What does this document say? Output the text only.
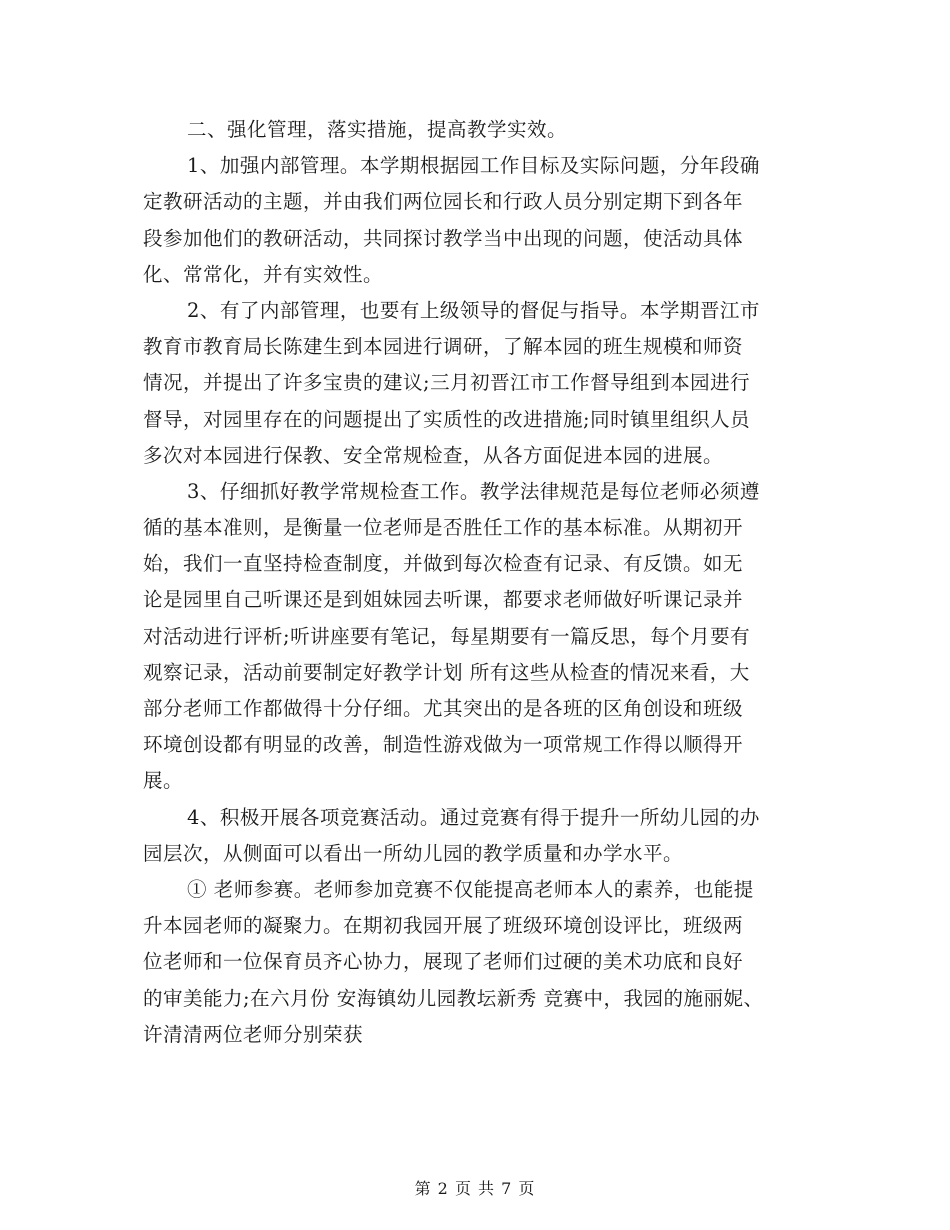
二、强化管理，落实措施，提高教学实效。
1、加强内部管理。本学期根据园工作目标及实际问题，分年段确
定教研活动的主题，并由我们两位园长和行政人员分别定期下到各年
段参加他们的教研活动，共同探讨教学当中出现的问题，使活动具体
化、常常化，并有实效性。
2、有了内部管理，也要有上级领导的督促与指导。本学期晋江市
教育市教育局长陈建生到本园进行调研，了解本园的班生规模和师资
情况，并提出了许多宝贵的建议;三月初晋江市工作督导组到本园进行
督导，对园里存在的问题提出了实质性的改进措施;同时镇里组织人员
多次对本园进行保教、安全常规检查，从各方面促进本园的进展。
3、仔细抓好教学常规检查工作。教学法律规范是每位老师必须遵
循的基本准则，是衡量一位老师是否胜任工作的基本标准。从期初开
始，我们一直坚持检查制度，并做到每次检查有记录、有反馈。如无
论是园里自己听课还是到姐妹园去听课，都要求老师做好听课记录并
对活动进行评析;听讲座要有笔记，每星期要有一篇反思，每个月要有
观察记录，活动前要制定好教学计划 所有这些从检查的情况来看，大
部分老师工作都做得十分仔细。尤其突出的是各班的区角创设和班级
环境创设都有明显的改善，制造性游戏做为一项常规工作得以顺得开
展。
4、积极开展各项竞赛活动。通过竞赛有得于提升一所幼儿园的办
园层次，从侧面可以看出一所幼儿园的教学质量和办学水平。
① 老师参赛。老师参加竞赛不仅能提高老师本人的素养，也能提
升本园老师的凝聚力。在期初我园开展了班级环境创设评比，班级两
位老师和一位保育员齐心协力，展现了老师们过硬的美术功底和良好
的审美能力;在六月份 安海镇幼儿园教坛新秀 竞赛中，我园的施丽妮、
许清清两位老师分别荣获
第 2 页 共 7 页
